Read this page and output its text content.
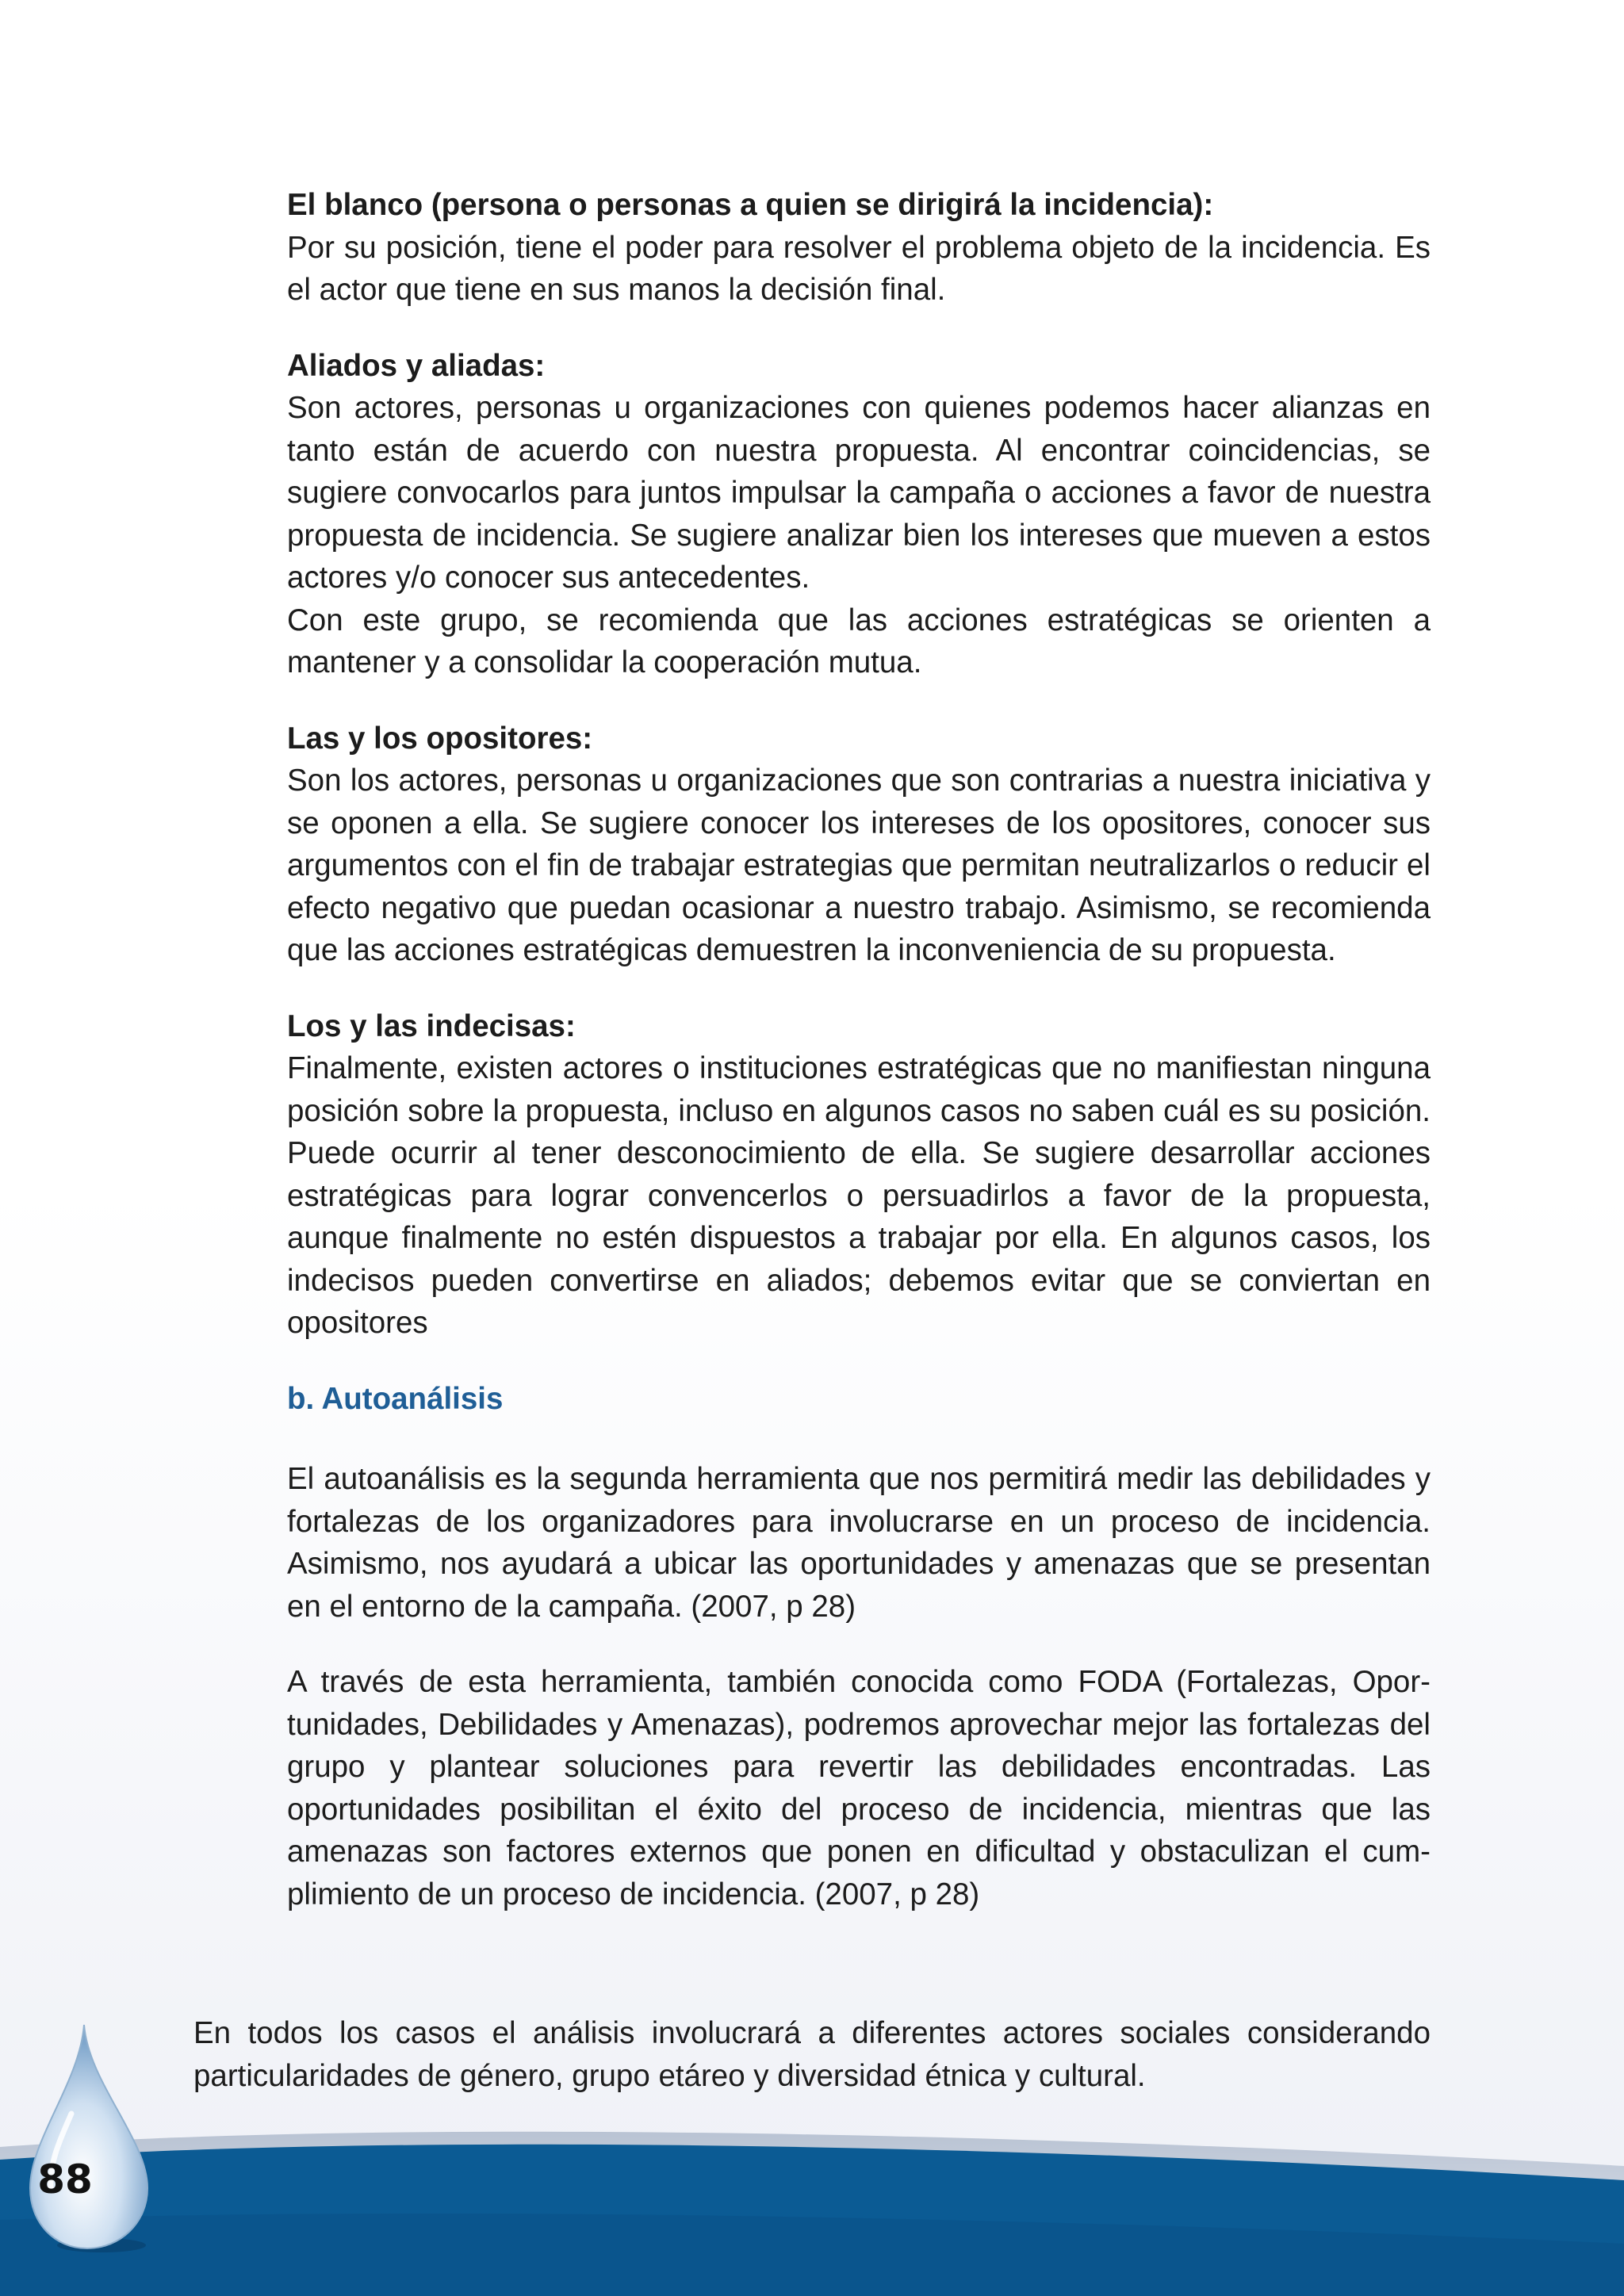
El blanco (persona o personas a quien se dirigirá la incidencia):

Por su posición, tiene el poder para resolver el problema objeto de la incidencia. Es el actor que tiene en sus manos la decisión final.

Aliados y aliadas:

Son actores, personas u organizaciones con quienes podemos hacer alianzas en tanto están de acuerdo con nuestra propuesta. Al encontrar coincidencias, se sugiere convocarlos para juntos impulsar la campaña o acciones a favor de nuestra propuesta de incidencia. Se sugiere analizar bien los intereses que mueven a estos actores y/o conocer sus antecedentes.

Con este grupo, se recomienda que las acciones estratégicas se orienten a mantener y a consolidar la cooperación mutua.

Las y los opositores:

Son los actores, personas u organizaciones que son contrarias a nuestra iniciativa y se oponen a ella. Se sugiere conocer los intereses de los opositores, conocer sus argumentos con el fin de trabajar estrategias que permitan neutralizarlos o reducir el efecto negativo que puedan ocasionar a nuestro trabajo. Asimismo, se recomienda que las acciones estratégicas demuestren la inconveniencia de su propuesta.

Los y las indecisas:

Finalmente, existen actores o instituciones estratégicas que no manifiestan ninguna posición sobre la propuesta, incluso en algunos casos no saben cuál es su posición. Puede ocurrir al tener desconocimiento de ella. Se sugiere desarrollar acciones estratégicas para lograr convencerlos o persuadirlos a favor de la propuesta, aunque finalmente no estén dispuestos a trabajar por ella. En algunos casos, los indecisos pueden convertirse en aliados; debemos evitar que se conviertan en opositores

b. Autoanálisis

El autoanálisis es la segunda herramienta que nos permitirá medir las debilidades y fortalezas de los organizadores para involucrarse en un proceso de incidencia. Asimismo, nos ayudará a ubicar las oportunidades y amenazas que se presentan en el entorno de la campaña. (2007, p 28)

A través de esta herramienta, también conocida como FODA (Fortalezas, Oportunidades, Debilidades y Amenazas), podremos aprovechar mejor las fortalezas del grupo y plantear soluciones para revertir las debilidades encontradas. Las oportunidades posibilitan el éxito del proceso de incidencia, mientras que las amenazas son factores externos que ponen en dificultad y obstaculizan el cumplimiento de un proceso de incidencia. (2007, p 28)

En todos los casos el análisis involucrará a diferentes actores sociales considerando particularidades de género, grupo etáreo y diversidad étnica y cultural.

88
